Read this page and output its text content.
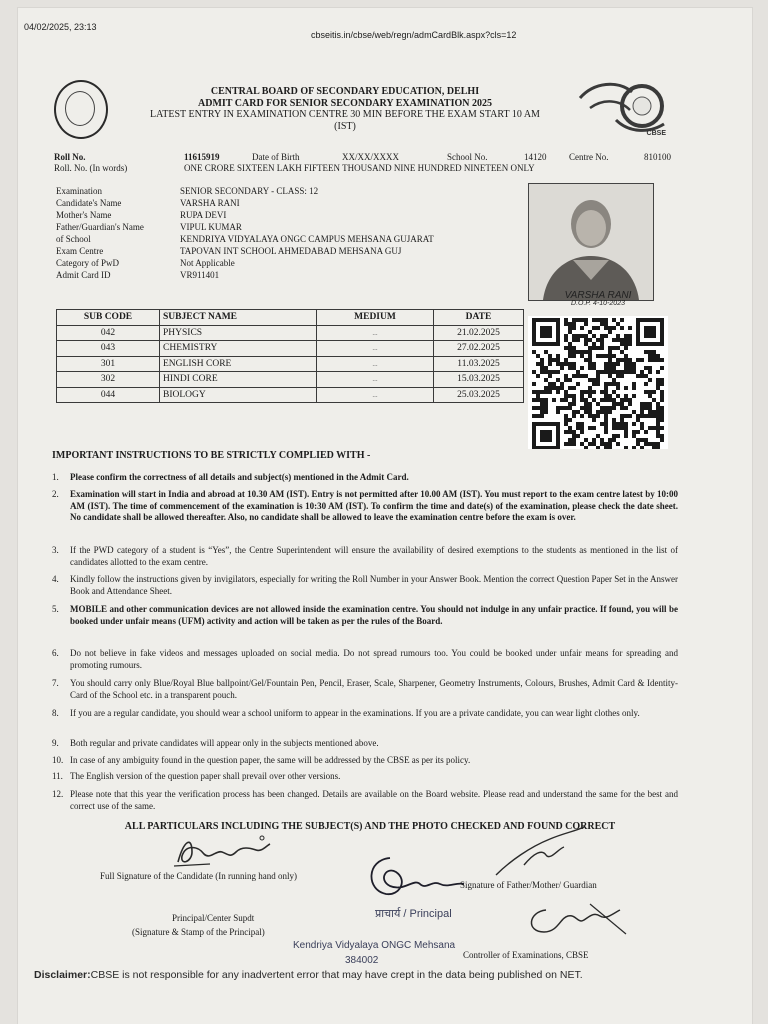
04/02/2025, 23:13
cbseitis.in/cbse/web/regn/admCardBlk.aspx?cls=12
CBSE
CENTRAL BOARD OF SECONDARY EDUCATION, DELHI
ADMIT CARD FOR SENIOR SECONDARY EXAMINATION 2025
LATEST ENTRY IN EXAMINATION CENTRE 30 MIN BEFORE THE EXAM START 10 AM
(IST)
Roll No.	11615919	Date of Birth	XX/XX/XXXX	School No.	14120	Centre No.	810100
Roll. No. (In words)	ONE CRORE SIXTEEN LAKH FIFTEEN THOUSAND NINE HUNDRED NINETEEN ONLY
Examination	SENIOR SECONDARY - CLASS: 12
Candidate's Name	VARSHA RANI
Mother's Name	RUPA DEVI
Father/Guardian's Name	VIPUL KUMAR
of School	KENDRIYA VIDYALAYA ONGC CAMPUS MEHSANA GUJARAT
Exam Centre	TAPOVAN INT SCHOOL AHMEDABAD MEHSANA GUJ
Category of PwD	Not Applicable
Admit Card ID	VR911401
VARSHA RANI
D.O.P. 4-10-2023
SUB CODE	SUBJECT NAME	MEDIUM	DATE
042	PHYSICS	...	21.02.2025
043	CHEMISTRY	...	27.02.2025
301	ENGLISH CORE	...	11.03.2025
302	HINDI CORE	...	15.03.2025
044	BIOLOGY	...	25.03.2025
IMPORTANT INSTRUCTIONS TO BE STRICTLY COMPLIED WITH -
1. Please confirm the correctness of all details and subject(s) mentioned in the Admit Card.
2. Examination will start in India and abroad at 10.30 AM (IST). Entry is not permitted after 10.00 AM (IST). You must report to the exam centre latest by 10:00 AM (IST). The time of commencement of the examination is 10:30 AM (IST). To confirm the time and date(s) of the examination, please check the date sheet. No candidate shall be allowed thereafter. Also, no candidate shall be allowed to leave the examination centre before the exam is over.
3. If the PWD category of a student is “Yes”, the Centre Superintendent will ensure the availability of desired exemptions to the students as mentioned in the list of candidates allotted to the exam centre.
4. Kindly follow the instructions given by invigilators, especially for writing the Roll Number in your Answer Book. Mention the correct Question Paper Set in the Answer Book and Attendance Sheet.
5. MOBILE and other communication devices are not allowed inside the examination centre. You should not indulge in any unfair practice. If found, you will be booked under unfair means (UFM) activity and action will be taken as per the rules of the Board.
6. Do not believe in fake videos and messages uploaded on social media. Do not spread rumours too. You could be booked under unfair means for spreading and promoting rumours.
7. You should carry only Blue/Royal Blue ballpoint/Gel/Fountain Pen, Pencil, Eraser, Scale, Sharpener, Geometry Instruments, Colours, Brushes, Admit Card & Identity-Card of the School etc. in a transparent pouch.
8. If you are a regular candidate, you should wear a school uniform to appear in the examinations. If you are a private candidate, you can wear light clothes only.
9. Both regular and private candidates will appear only in the subjects mentioned above.
10. In case of any ambiguity found in the question paper, the same will be addressed by the CBSE as per its policy.
11. The English version of the question paper shall prevail over other versions.
12. Please note that this year the verification process has been changed. Details are available on the Board website. Please read and understand the same for the best and correct use of the same.
ALL PARTICULARS INCLUDING THE SUBJECT(S) AND THE PHOTO CHECKED AND FOUND CORRECT
Full Signature of the Candidate (In running hand only)
Signature of Father/Mother/ Guardian
Principal/Center Supdt
(Signature & Stamp of the Principal)
प्राचार्य / Principal
Kendriya Vidyalaya ONGC Mehsana
384002	Controller of Examinations, CBSE
Disclaimer:CBSE is not responsible for any inadvertent error that may have crept in the data being published on NET.
